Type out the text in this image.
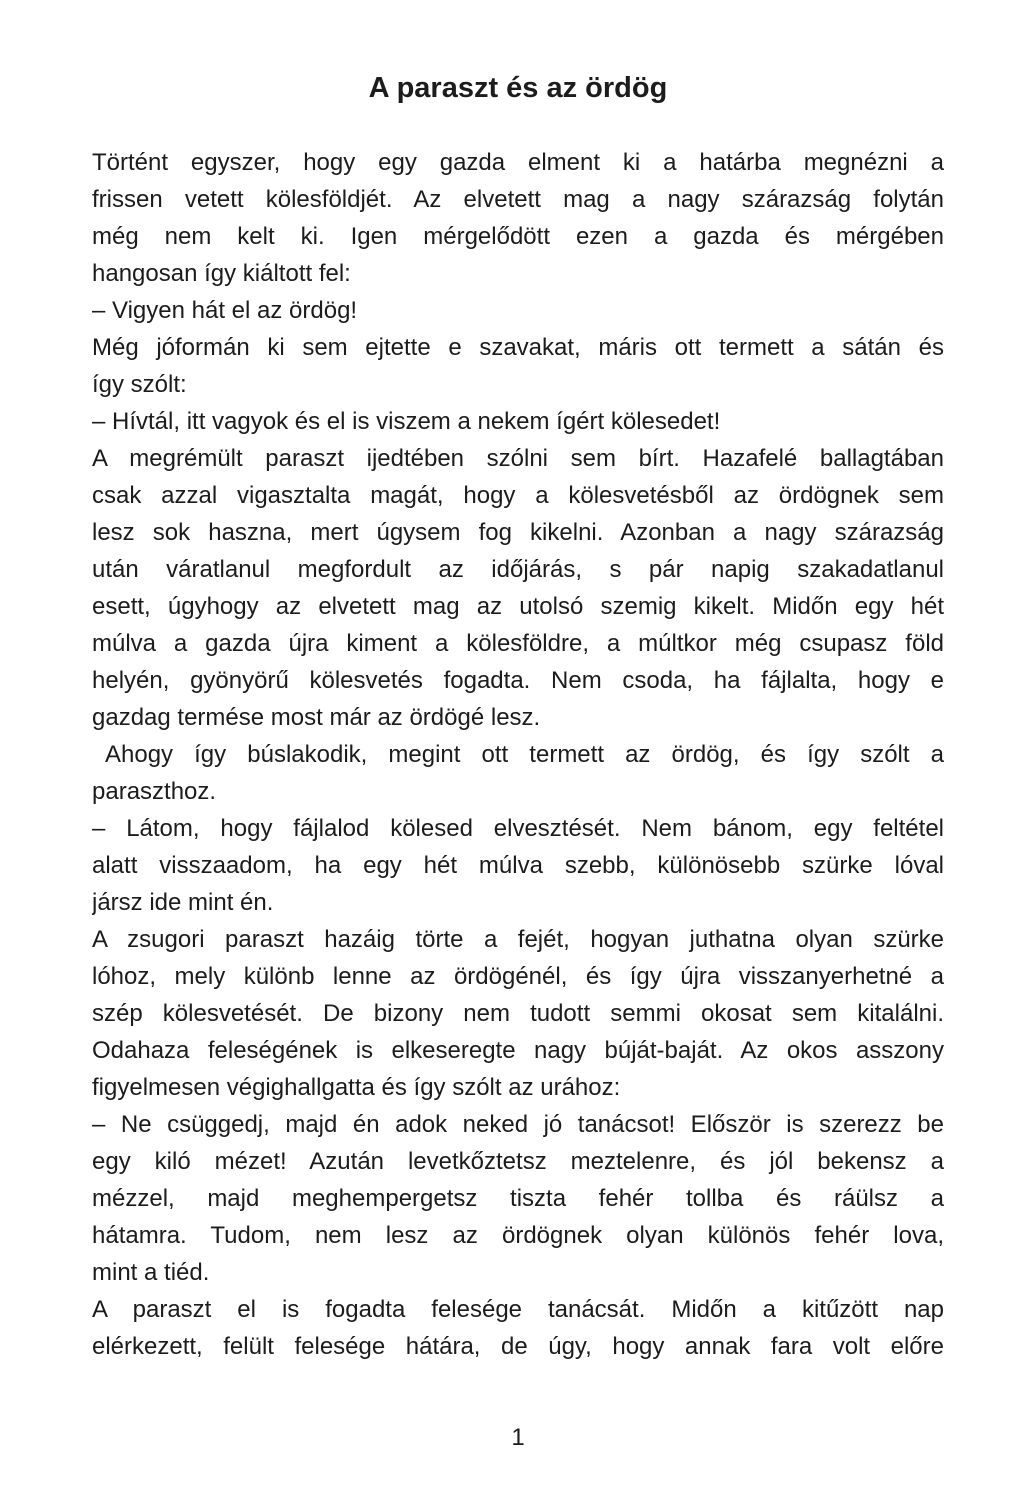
A paraszt és az ördög
Történt egyszer, hogy egy gazda elment ki a határba megnézni a
frissen vetett kölesföldjét. Az elvetett mag a nagy szárazság folytán
még nem kelt ki. Igen mérgelődött ezen a gazda és mérgében
hangosan így kiáltott fel:
– Vigyen hát el az ördög!
Még jóformán ki sem ejtette e szavakat, máris ott termett a sátán és
így szólt:
– Hívtál, itt vagyok és el is viszem a nekem ígért kölesedet!
A megrémült paraszt ijedtében szólni sem bírt. Hazafelé ballagtában
csak azzal vigasztalta magát, hogy a kölesvetésből az ördögnek sem
lesz sok haszna, mert úgysem fog kikelni. Azonban a nagy szárazság
után váratlanul megfordult az időjárás, s pár napig szakadatlanul
esett, úgyhogy az elvetett mag az utolsó szemig kikelt. Midőn egy hét
múlva a gazda újra kiment a kölesföldre, a múltkor még csupasz föld
helyén, gyönyörű kölesvetés fogadta. Nem csoda, ha fájlalta, hogy e
gazdag termése most már az ördögé lesz.
Ahogy így búslakodik, megint ott termett az ördög, és így szólt a
paraszthoz.
– Látom, hogy fájlalod kölesed elvesztését. Nem bánom, egy feltétel
alatt visszaadom, ha egy hét múlva szebb, különösebb szürke lóval
jársz ide mint én.
A zsugori paraszt hazáig törte a fejét, hogyan juthatna olyan szürke
lóhoz, mely különb lenne az ördögénél, és így újra visszanyerhetné a
szép kölesvetését. De bizony nem tudott semmi okosat sem kitalálni.
Odahaza feleségének is elkeseregte nagy búját-baját. Az okos asszony
figyelmesen végighallgatta és így szólt az urához:
– Ne csüggedj, majd én adok neked jó tanácsot! Először is szerezz be
egy kiló mézet! Azután levetkőztetsz meztelenre, és jól bekensz a
mézzel, majd meghempergetsz tiszta fehér tollba és ráülsz a
hátamra. Tudom, nem lesz az ördögnek olyan különös fehér lova,
mint a tiéd.
A paraszt el is fogadta felesége tanácsát. Midőn a kitűzött nap
elérkezett, felült felesége hátára, de úgy, hogy annak fara volt előre
1
